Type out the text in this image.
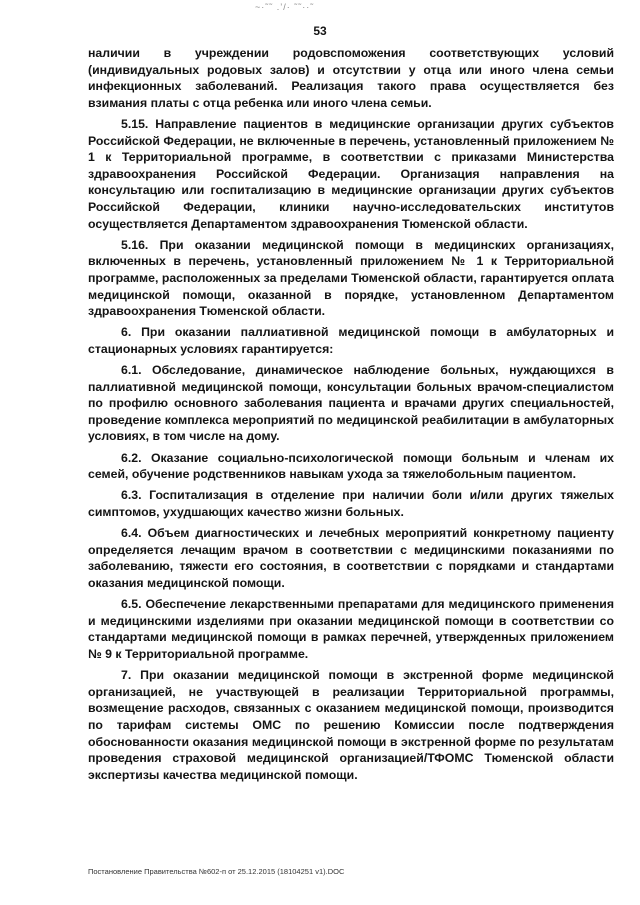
~·˜˜ .’/· ˜˜··˜
53

наличии в учреждении родовспоможения соответствующих условий (индивидуальных родовых залов) и отсутствии у отца или иного члена семьи инфекционных заболеваний. Реализация такого права осуществляется без взимания платы с отца ребенка или иного члена семьи.

5.15. Направление пациентов в медицинские организации других субъектов Российской Федерации, не включенные в перечень, установленный приложением № 1 к Территориальной программе, в соответствии с приказами Министерства здравоохранения Российской Федерации. Организация направления на консультацию или госпитализацию в медицинские организации других субъектов Российской Федерации, клиники научно-исследовательских институтов осуществляется Департаментом здравоохранения Тюменской области.

5.16. При оказании медицинской помощи в медицинских организациях, включенных в перечень, установленный приложением № 1 к Территориальной программе, расположенных за пределами Тюменской области, гарантируется оплата медицинской помощи, оказанной в порядке, установленном Департаментом здравоохранения Тюменской области.

6. При оказании паллиативной медицинской помощи в амбулаторных и стационарных условиях гарантируется:

6.1. Обследование, динамическое наблюдение больных, нуждающихся в паллиативной медицинской помощи, консультации больных врачом-специалистом по профилю основного заболевания пациента и врачами других специальностей, проведение комплекса мероприятий по медицинской реабилитации в амбулаторных условиях, в том числе на дому.

6.2. Оказание социально-психологической помощи больным и членам их семей, обучение родственников навыкам ухода за тяжелобольным пациентом.

6.3. Госпитализация в отделение при наличии боли и/или других тяжелых симптомов, ухудшающих качество жизни больных.

6.4. Объем диагностических и лечебных мероприятий конкретному пациенту определяется лечащим врачом в соответствии с медицинскими показаниями по заболеванию, тяжести его состояния, в соответствии с порядками и стандартами оказания медицинской помощи.

6.5. Обеспечение лекарственными препаратами для медицинского применения и медицинскими изделиями при оказании медицинской помощи в соответствии со стандартами медицинской помощи в рамках перечней, утвержденных приложением № 9 к Территориальной программе.

7. При оказании медицинской помощи в экстренной форме медицинской организацией, не участвующей в реализации Территориальной программы, возмещение расходов, связанных с оказанием медицинской помощи, производится по тарифам системы ОМС по решению Комиссии после подтверждения обоснованности оказания медицинской помощи в экстренной форме по результатам проведения страховой медицинской организацией/ТФОМС Тюменской области экспертизы качества медицинской помощи.

Постановление Правительства №602-п от 25.12.2015 (18104251 v1).DOC
